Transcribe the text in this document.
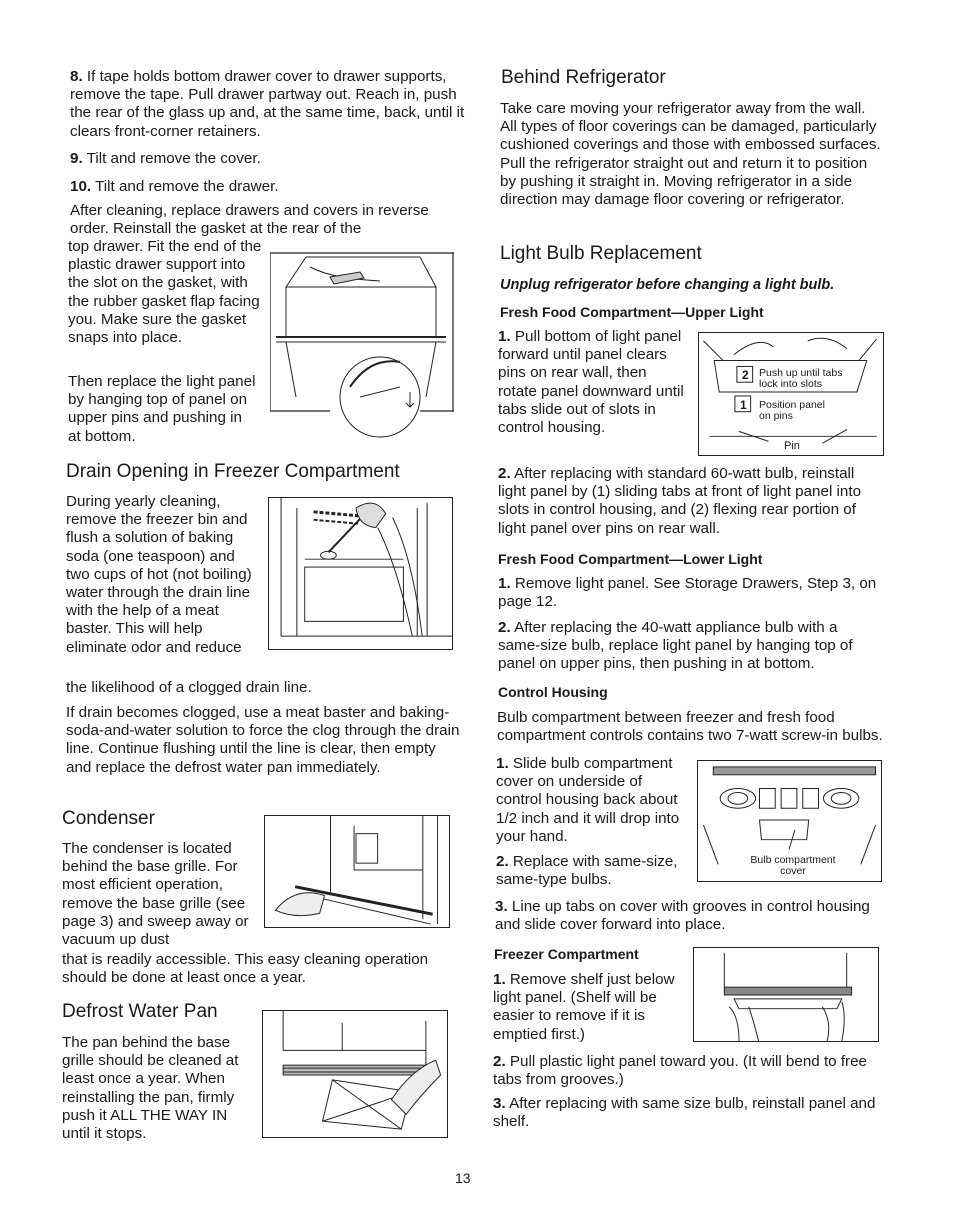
8. If tape holds bottom drawer cover to drawer supports, remove the tape. Pull drawer partway out. Reach in, push the rear of the glass up and, at the same time, back, until it clears front-corner retainers.

9. Tilt and remove the cover.

10. Tilt and remove the drawer.

After cleaning, replace drawers and covers in reverse order. Reinstall the gasket at the rear of the

top drawer. Fit the end of the plastic drawer support into the slot on the gasket, with the rubber gasket flap facing you. Make sure the gasket snaps into place.

Then replace the light panel by hanging top of panel on upper pins and pushing in at bottom.

Drain Opening in Freezer Compartment

During yearly cleaning, remove the freezer bin and flush a solution of baking soda (one teaspoon) and two cups of hot (not boiling) water through the drain line with the help of a meat baster. This will help eliminate odor and reduce

the likelihood of a clogged drain line.

If drain becomes clogged, use a meat baster and baking-soda-and-water solution to force the clog through the drain line. Continue flushing until the line is clear, then empty and replace the defrost water pan immediately.

Condenser

The condenser is located behind the base grille. For most efficient operation, remove the base grille (see page 3) and sweep away or vacuum up dust

that is readily accessible. This easy cleaning operation should be done at least once a year.

Defrost Water Pan

The pan behind the base grille should be cleaned at least once a year. When reinstalling the pan, firmly push it ALL THE WAY IN until it stops.

Behind Refrigerator

Take care moving your refrigerator away from the wall. All types of floor coverings can be damaged, particularly cushioned coverings and those with embossed surfaces. Pull the refrigerator straight out and return it to position by pushing it straight in. Moving refrigerator in a side direction may damage floor covering or refrigerator.

Light Bulb Replacement

Unplug refrigerator before changing a light bulb.

Fresh Food Compartment—Upper Light

1. Pull bottom of light panel forward until panel clears pins on rear wall, then rotate panel downward until tabs slide out of slots in control housing.

2 Push up until tabs lock into slots
1 Position panel on pins
Pin

2. After replacing with standard 60-watt bulb, reinstall light panel by (1) sliding tabs at front of light panel into slots in control housing, and (2) flexing rear portion of light panel over pins on rear wall.

Fresh Food Compartment—Lower Light

1. Remove light panel. See Storage Drawers, Step 3, on page 12.

2. After replacing the 40-watt appliance bulb with a same-size bulb, replace light panel by hanging top of panel on upper pins, then pushing in at bottom.

Control Housing

Bulb compartment between freezer and fresh food compartment controls contains two 7-watt screw-in bulbs.

1. Slide bulb compartment cover on underside of control housing back about 1/2 inch and it will drop into your hand.

2. Replace with same-size, same-type bulbs.

Bulb compartment cover

3. Line up tabs on cover with grooves in control housing and slide cover forward into place.

Freezer Compartment

1. Remove shelf just below light panel. (Shelf will be easier to remove if it is emptied first.)

2. Pull plastic light panel toward you. (It will bend to free tabs from grooves.)

3. After replacing with same size bulb, reinstall panel and shelf.

13
